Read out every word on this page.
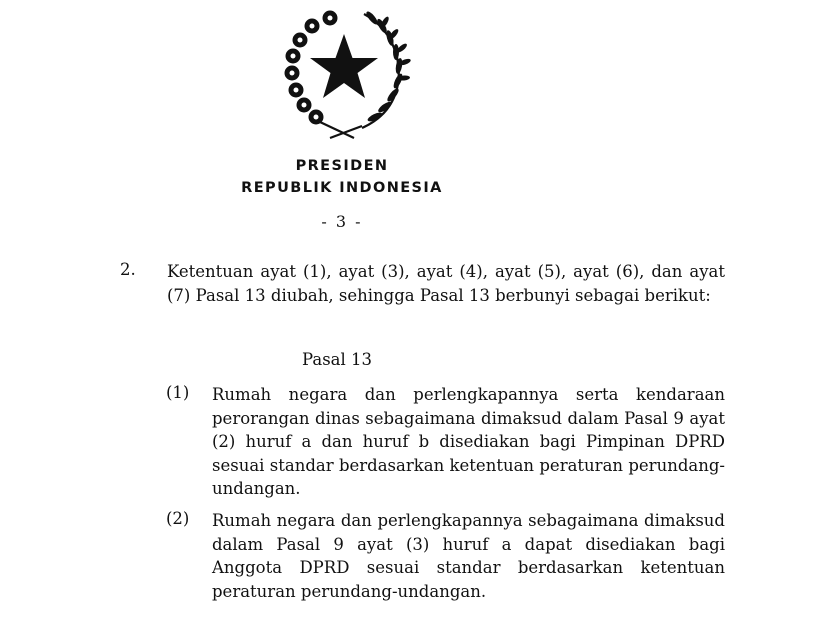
PRESIDEN
REPUBLIK INDONESIA
- 3 -
2. Ketentuan ayat (1), ayat (3), ayat (4), ayat (5), ayat (6), dan ayat (7) Pasal 13 diubah, sehingga Pasal 13 berbunyi sebagai berikut:
Pasal 13
(1) Rumah negara dan perlengkapannya serta kendaraan perorangan dinas sebagaimana dimaksud dalam Pasal 9 ayat (2) huruf a dan huruf b disediakan bagi Pimpinan DPRD sesuai standar berdasarkan ketentuan peraturan perundang-undangan.
(2) Rumah negara dan perlengkapannya sebagaimana dimaksud dalam Pasal 9 ayat (3) huruf a dapat disediakan bagi Anggota DPRD sesuai standar berdasarkan ketentuan peraturan perundang-undangan.
